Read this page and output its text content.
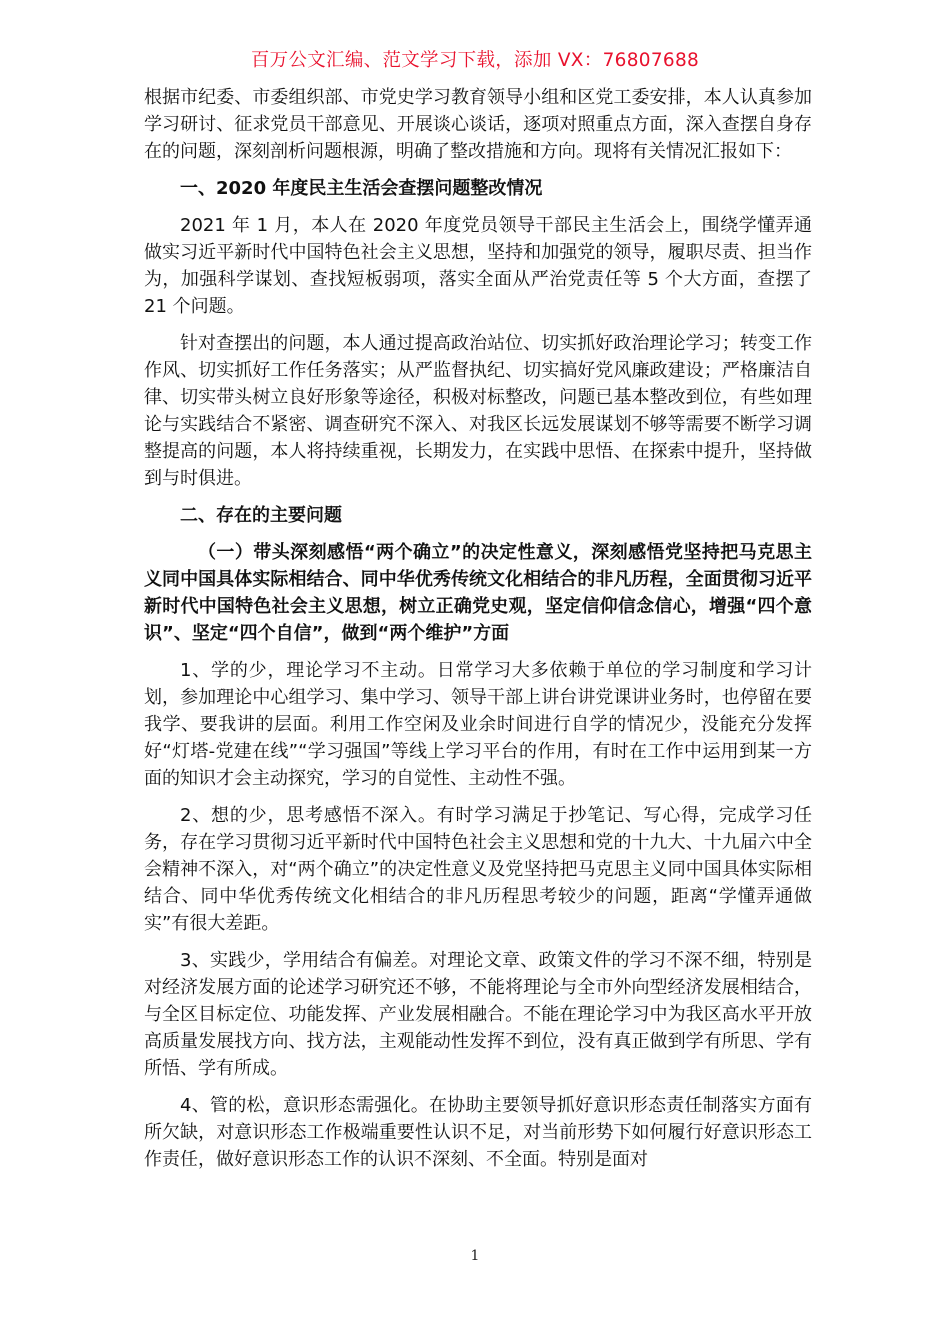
百万公文汇编、范文学习下载，添加 VX：76807688

根据市纪委、市委组织部、市党史学习教育领导小组和区党工委安排，本人认真参加学习研讨、征求党员干部意见、开展谈心谈话，逐项对照重点方面，深入查摆自身存在的问题，深刻剖析问题根源，明确了整改措施和方向。现将有关情况汇报如下：

一、2020 年度民主生活会查摆问题整改情况

2021 年 1 月，本人在 2020 年度党员领导干部民主生活会上，围绕学懂弄通做实习近平新时代中国特色社会主义思想，坚持和加强党的领导，履职尽责、担当作为，加强科学谋划、查找短板弱项，落实全面从严治党责任等 5 个大方面，查摆了 21 个问题。

针对查摆出的问题，本人通过提高政治站位、切实抓好政治理论学习；转变工作作风、切实抓好工作任务落实；从严监督执纪、切实搞好党风廉政建设；严格廉洁自律、切实带头树立良好形象等途径，积极对标整改，问题已基本整改到位，有些如理论与实践结合不紧密、调查研究不深入、对我区长远发展谋划不够等需要不断学习调整提高的问题，本人将持续重视，长期发力，在实践中思悟、在探索中提升，坚持做到与时俱进。

二、存在的主要问题
（一）带头深刻感悟“两个确立”的决定性意义，深刻感悟党坚持把马克思主义同中国具体实际相结合、同中华优秀传统文化相结合的非凡历程，全面贯彻习近平新时代中国特色社会主义思想，树立正确党史观，坚定信仰信念信心，增强“四个意识”、坚定“四个自信”，做到“两个维护”方面

1、学的少，理论学习不主动。日常学习大多依赖于单位的学习制度和学习计划，参加理论中心组学习、集中学习、领导干部上讲台讲党课讲业务时，也停留在要我学、要我讲的层面。利用工作空闲及业余时间进行自学的情况少，没能充分发挥好“灯塔-党建在线”“学习强国”等线上学习平台的作用，有时在工作中运用到某一方面的知识才会主动探究，学习的自觉性、主动性不强。

2、想的少，思考感悟不深入。有时学习满足于抄笔记、写心得，完成学习任务，存在学习贯彻习近平新时代中国特色社会主义思想和党的十九大、十九届六中全会精神不深入，对“两个确立”的决定性意义及党坚持把马克思主义同中国具体实际相结合、同中华优秀传统文化相结合的非凡历程思考较少的问题，距离“学懂弄通做实”有很大差距。

3、实践少，学用结合有偏差。对理论文章、政策文件的学习不深不细，特别是对经济发展方面的论述学习研究还不够，不能将理论与全市外向型经济发展相结合，与全区目标定位、功能发挥、产业发展相融合。不能在理论学习中为我区高水平开放高质量发展找方向、找方法，主观能动性发挥不到位，没有真正做到学有所思、学有所悟、学有所成。

4、管的松，意识形态需强化。在协助主要领导抓好意识形态责任制落实方面有所欠缺，对意识形态工作极端重要性认识不足，对当前形势下如何履行好意识形态工作责任，做好意识形态工作的认识不深刻、不全面。特别是面对

1
